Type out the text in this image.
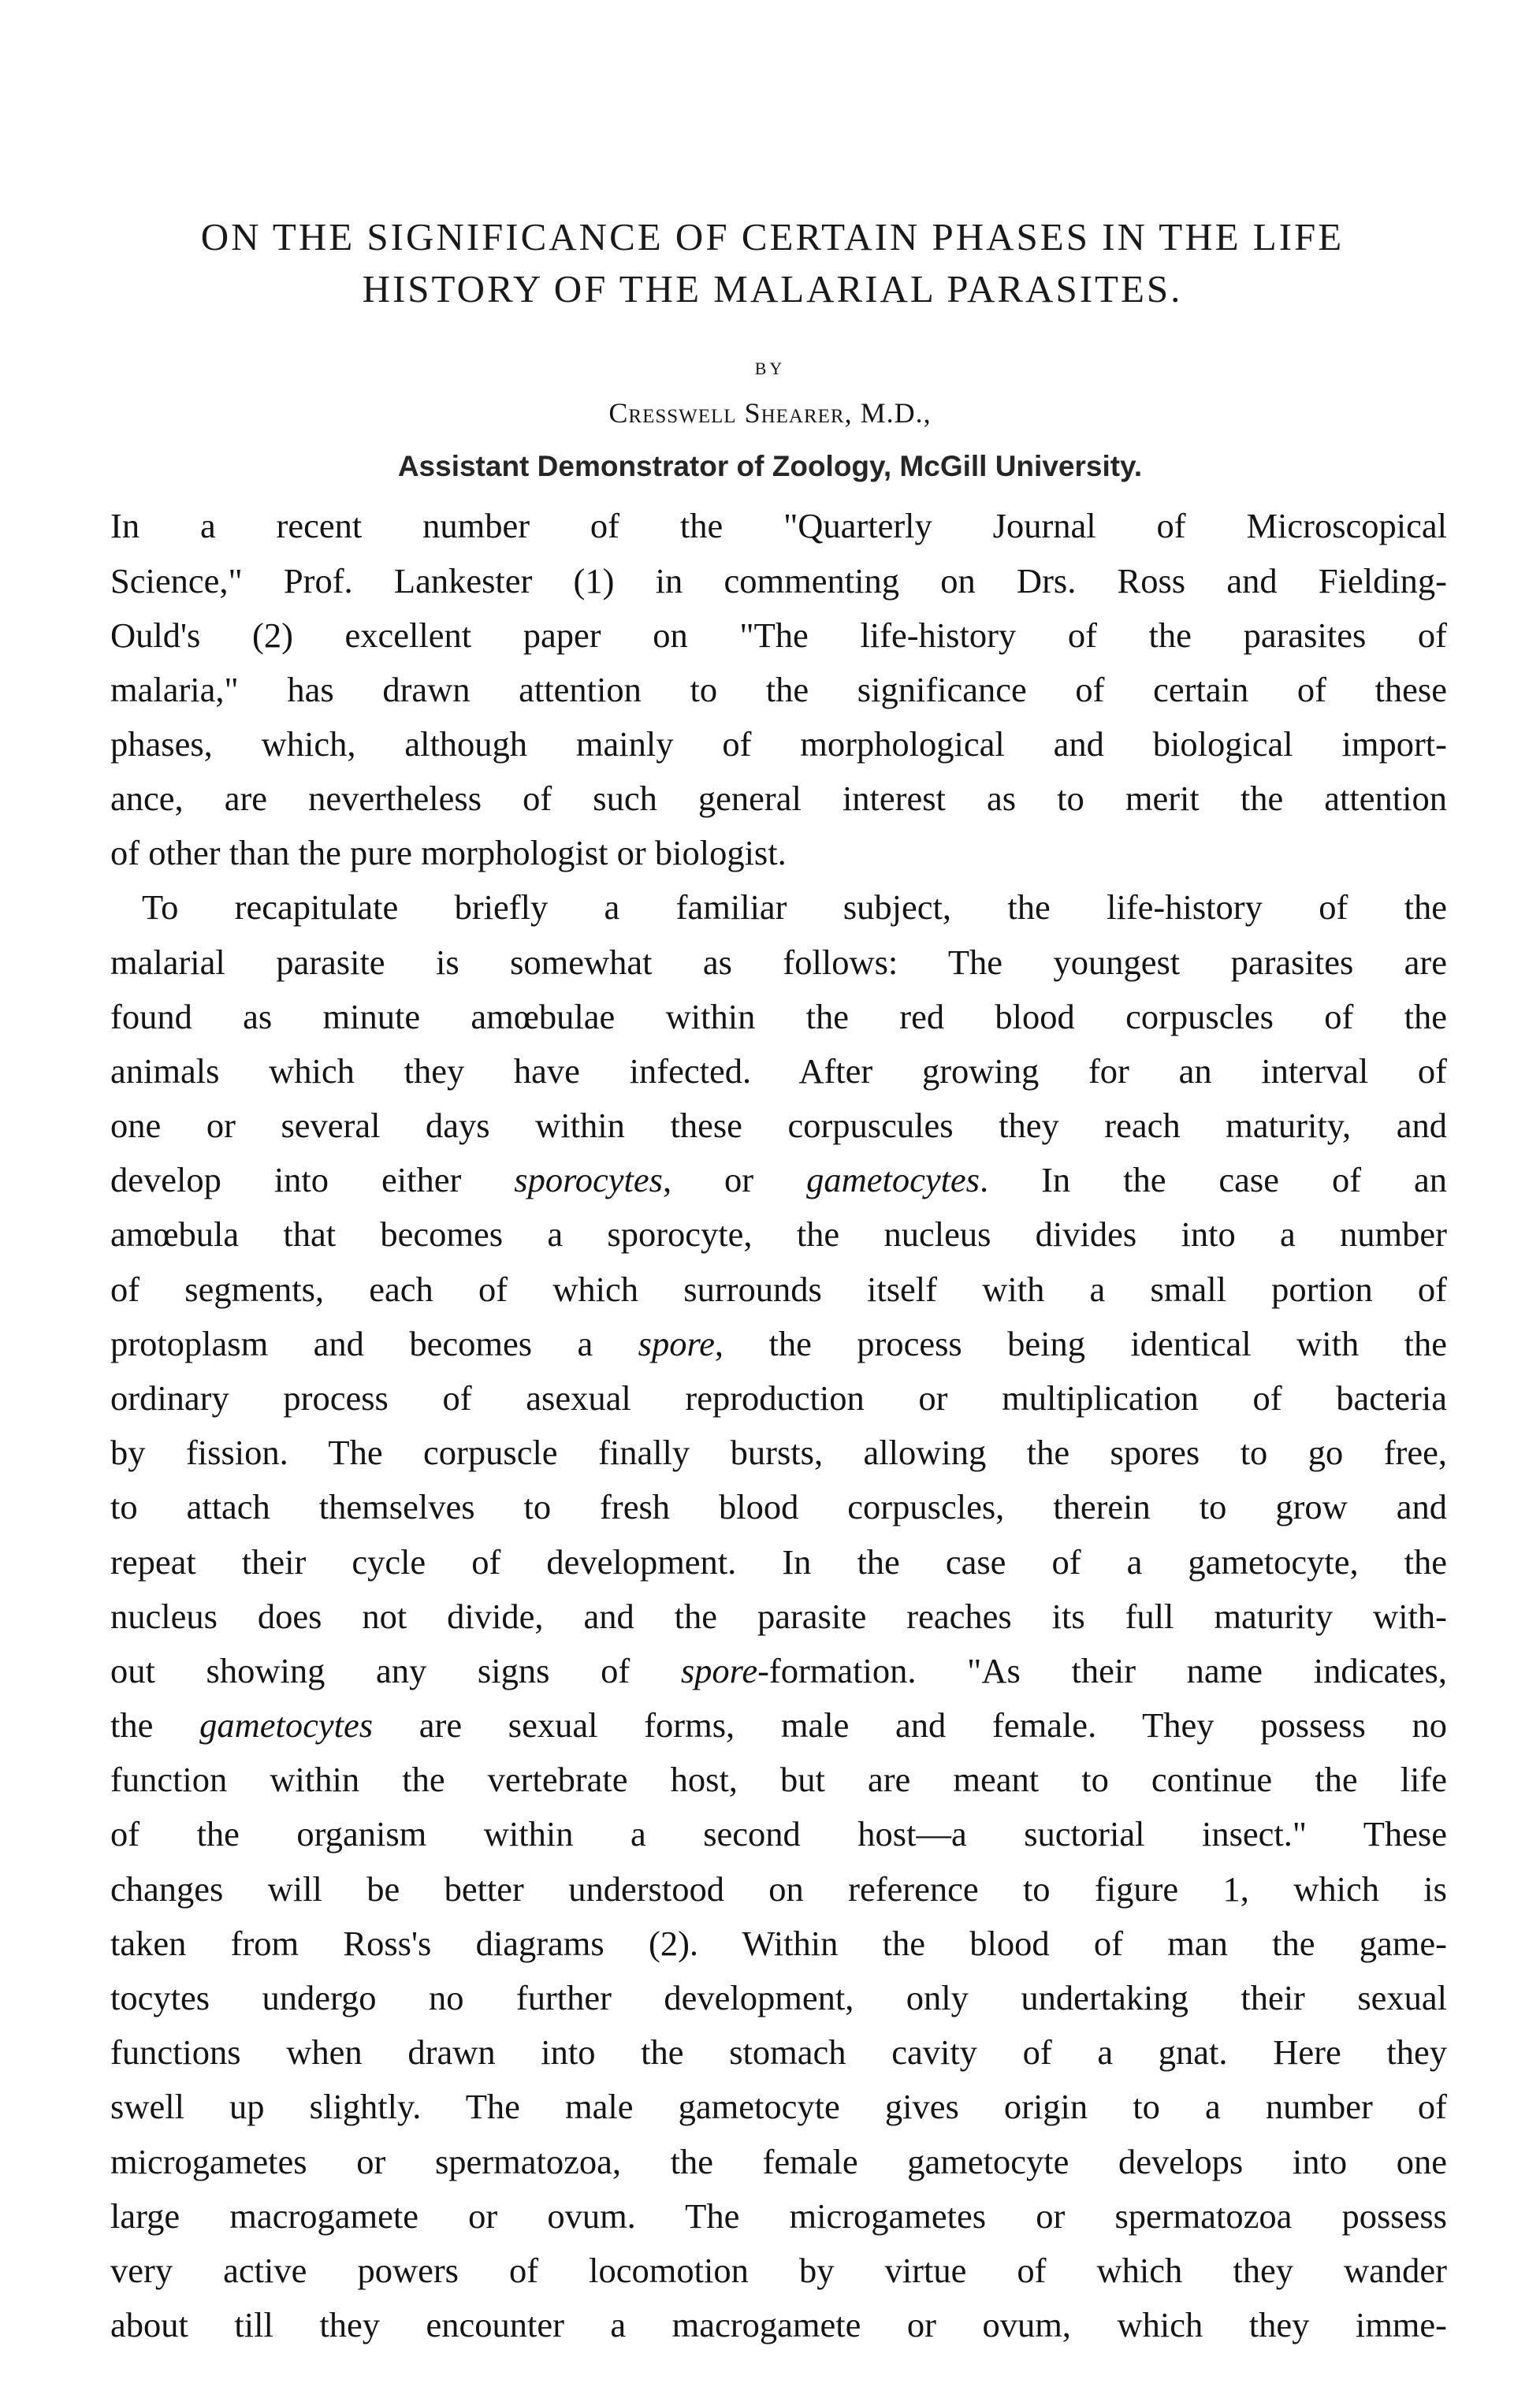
ON THE SIGNIFICANCE OF CERTAIN PHASES IN THE LIFE
HISTORY OF THE MALARIAL PARASITES.
BY
Cresswell Shearer, M.D.,
Assistant Demonstrator of Zoology, McGill University.
In a recent number of the "Quarterly Journal of Microscopical
Science," Prof. Lankester (1) in commenting on Drs. Ross and Fielding-
Ould's (2) excellent paper on "The life-history of the parasites of
malaria," has drawn attention to the significance of certain of these
phases, which, although mainly of morphological and biological import-
ance, are nevertheless of such general interest as to merit the attention
of other than the pure morphologist or biologist.
To recapitulate briefly a familiar subject, the life-history of the
malarial parasite is somewhat as follows: The youngest parasites are
found as minute amœbulae within the red blood corpuscles of the
animals which they have infected. After growing for an interval of
one or several days within these corpuscules they reach maturity, and
develop into either sporocytes, or gametocytes. In the case of an
amœbula that becomes a sporocyte, the nucleus divides into a number
of segments, each of which surrounds itself with a small portion of
protoplasm and becomes a spore, the process being identical with the
ordinary process of asexual reproduction or multiplication of bacteria
by fission. The corpuscle finally bursts, allowing the spores to go free,
to attach themselves to fresh blood corpuscles, therein to grow and
repeat their cycle of development. In the case of a gametocyte, the
nucleus does not divide, and the parasite reaches its full maturity with-
out showing any signs of spore-formation. "As their name indicates,
the gametocytes are sexual forms, male and female. They possess no
function within the vertebrate host, but are meant to continue the life
of the organism within a second host—a suctorial insect." These
changes will be better understood on reference to figure 1, which is
taken from Ross's diagrams (2). Within the blood of man the game-
tocytes undergo no further development, only undertaking their sexual
functions when drawn into the stomach cavity of a gnat. Here they
swell up slightly. The male gametocyte gives origin to a number of
microgametes or spermatozoa, the female gametocyte develops into one
large macrogamete or ovum. The microgametes or spermatozoa possess
very active powers of locomotion by virtue of which they wander
about till they encounter a macrogamete or ovum, which they imme-
